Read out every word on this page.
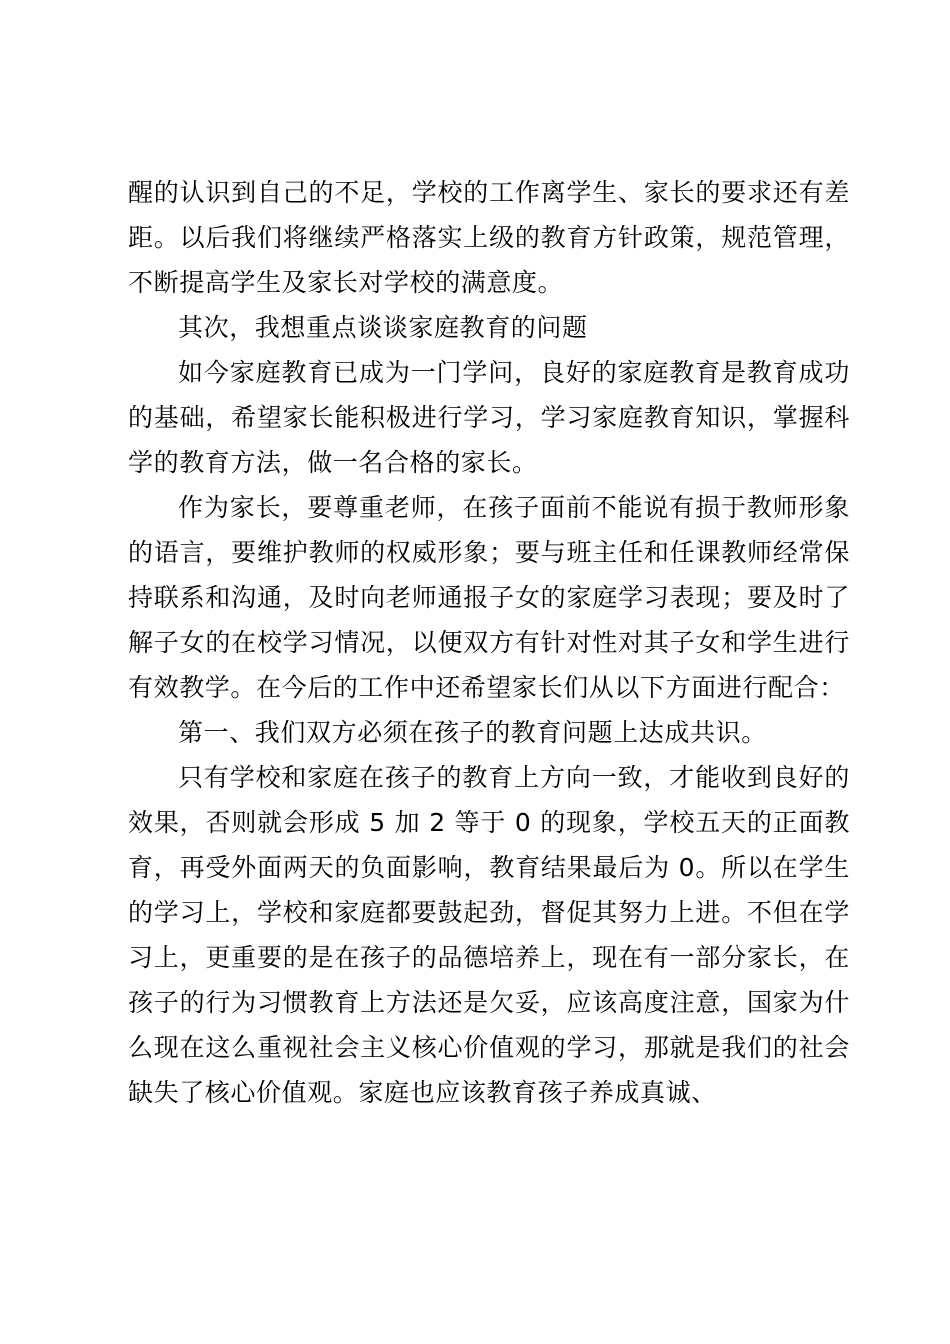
醒的认识到自己的不足，学校的工作离学生、家长的要求还有差距。以后我们将继续严格落实上级的教育方针政策，规范管理，不断提高学生及家长对学校的满意度。

其次，我想重点谈谈家庭教育的问题

如今家庭教育已成为一门学问，良好的家庭教育是教育成功的基础，希望家长能积极进行学习，学习家庭教育知识，掌握科学的教育方法，做一名合格的家长。

作为家长，要尊重老师，在孩子面前不能说有损于教师形象的语言，要维护教师的权威形象；要与班主任和任课教师经常保持联系和沟通，及时向老师通报子女的家庭学习表现；要及时了解子女的在校学习情况，以便双方有针对性对其子女和学生进行有效教学。在今后的工作中还希望家长们从以下方面进行配合：

第一、我们双方必须在孩子的教育问题上达成共识。

只有学校和家庭在孩子的教育上方向一致，才能收到良好的效果，否则就会形成 5 加 2 等于 0 的现象，学校五天的正面教育，再受外面两天的负面影响，教育结果最后为 0。所以在学生的学习上，学校和家庭都要鼓起劲，督促其努力上进。不但在学习上，更重要的是在孩子的品德培养上，现在有一部分家长，在孩子的行为习惯教育上方法还是欠妥，应该高度注意，国家为什么现在这么重视社会主义核心价值观的学习，那就是我们的社会缺失了核心价值观。家庭也应该教育孩子养成真诚、
